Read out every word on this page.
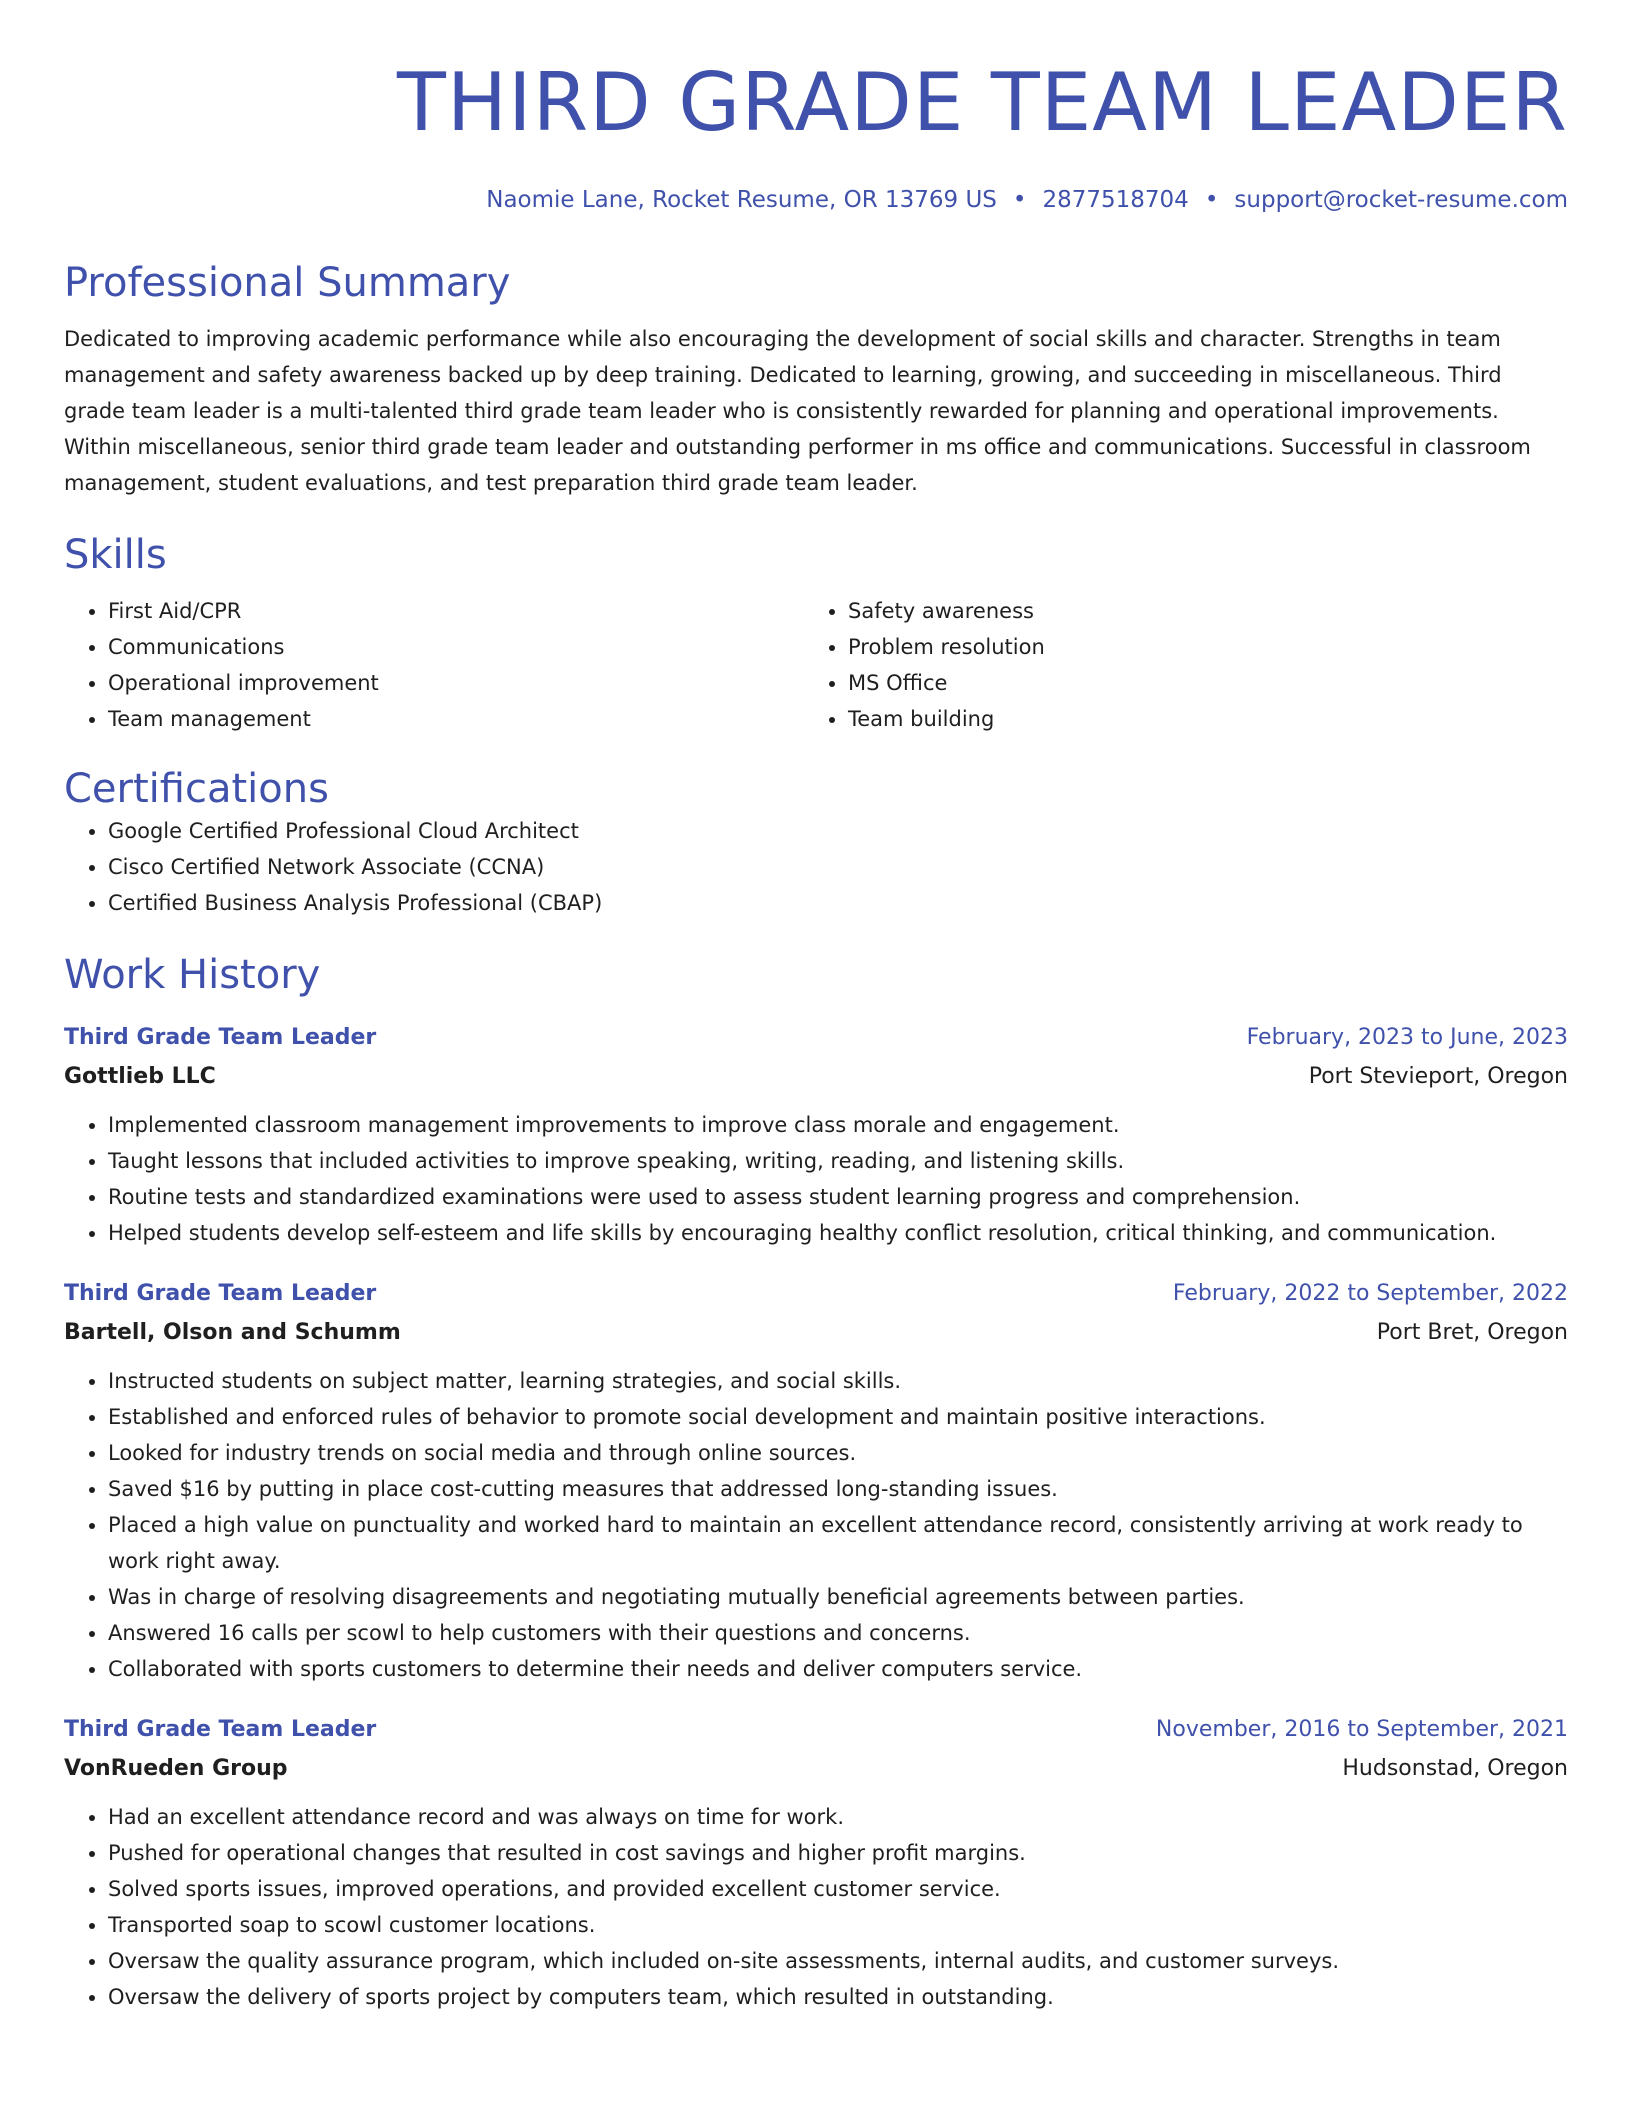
THIRD GRADE TEAM LEADER
Naomie Lane, Rocket Resume, OR 13769 US • 2877518704 • support@rocket-resume.com
Professional Summary

Dedicated to improving academic performance while also encouraging the development of social skills and character. Strengths in team management and safety awareness backed up by deep training. Dedicated to learning, growing, and succeeding in miscellaneous. Third grade team leader is a multi-talented third grade team leader who is consistently rewarded for planning and operational improvements. Within miscellaneous, senior third grade team leader and outstanding performer in ms office and communications. Successful in classroom management, student evaluations, and test preparation third grade team leader.

Skills
• First Aid/CPR
• Communications
• Operational improvement
• Team management
• Safety awareness
• Problem resolution
• MS Office
• Team building
Certifications
• Google Certified Professional Cloud Architect
• Cisco Certified Network Associate (CCNA)
• Certified Business Analysis Professional (CBAP)
Work History
Third Grade Team Leader	February, 2023 to June, 2023
Gottlieb LLC	Port Stevieport, Oregon
• Implemented classroom management improvements to improve class morale and engagement.
• Taught lessons that included activities to improve speaking, writing, reading, and listening skills.
• Routine tests and standardized examinations were used to assess student learning progress and comprehension.
• Helped students develop self-esteem and life skills by encouraging healthy conflict resolution, critical thinking, and communication.
Third Grade Team Leader	February, 2022 to September, 2022
Bartell, Olson and Schumm	Port Bret, Oregon
• Instructed students on subject matter, learning strategies, and social skills.
• Established and enforced rules of behavior to promote social development and maintain positive interactions.
• Looked for industry trends on social media and through online sources.
• Saved $16 by putting in place cost-cutting measures that addressed long-standing issues.
• Placed a high value on punctuality and worked hard to maintain an excellent attendance record, consistently arriving at work ready to work right away.
• Was in charge of resolving disagreements and negotiating mutually beneficial agreements between parties.
• Answered 16 calls per scowl to help customers with their questions and concerns.
• Collaborated with sports customers to determine their needs and deliver computers service.
Third Grade Team Leader	November, 2016 to September, 2021
VonRueden Group	Hudsonstad, Oregon
• Had an excellent attendance record and was always on time for work.
• Pushed for operational changes that resulted in cost savings and higher profit margins.
• Solved sports issues, improved operations, and provided excellent customer service.
• Transported soap to scowl customer locations.
• Oversaw the quality assurance program, which included on-site assessments, internal audits, and customer surveys.
• Oversaw the delivery of sports project by computers team, which resulted in outstanding.
